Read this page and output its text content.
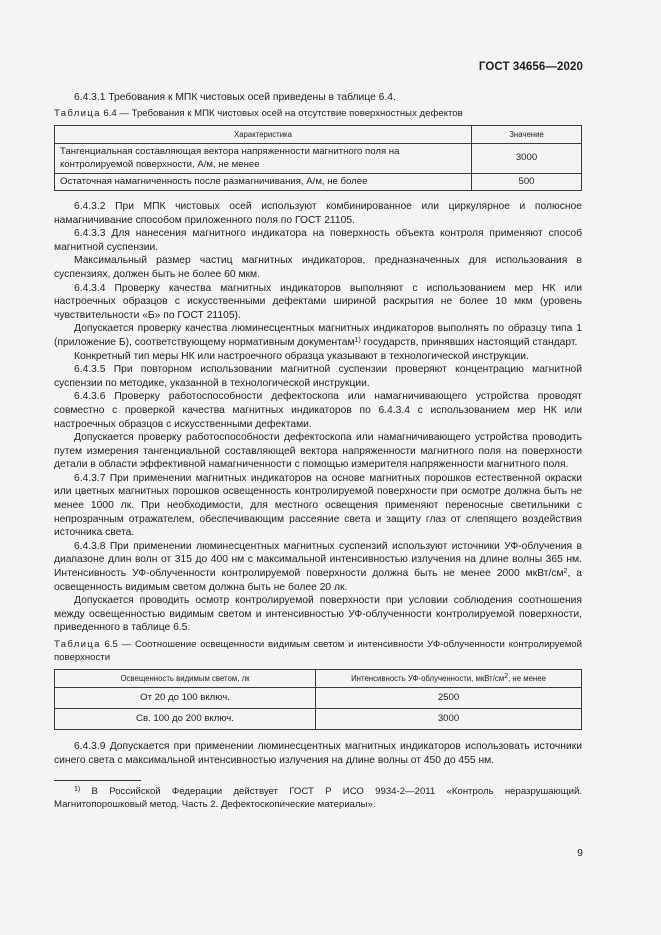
ГОСТ 34656—2020

6.4.3.1 Требования к МПК чистовых осей приведены в таблице 6.4.

Таблица 6.4 — Требования к МПК чистовых осей на отсутствие поверхностных дефектов

Характеристика	Значение
Тангенциальная составляющая вектора напряженности магнитного поля на контролируемой поверхности, А/м, не менее	3000
Остаточная намагниченность после размагничивания, А/м, не более	500

6.4.3.2 При МПК чистовых осей используют комбинированное или циркулярное и полюсное намагничивание способом приложенного поля по ГОСТ 21105.

6.4.3.3 Для нанесения магнитного индикатора на поверхность объекта контроля применяют способ магнитной суспензии.

Максимальный размер частиц магнитных индикаторов, предназначенных для использования в суспензиях, должен быть не более 60 мкм.

6.4.3.4 Проверку качества магнитных индикаторов выполняют с использованием мер НК или настроечных образцов с искусственными дефектами шириной раскрытия не более 10 мкм (уровень чувствительности «Б» по ГОСТ 21105).

Допускается проверку качества люминесцентных магнитных индикаторов выполнять по образцу типа 1 (приложение Б), соответствующему нормативным документам$^{1)}$ государств, принявших настоящий стандарт.

Конкретный тип меры НК или настроечного образца указывают в технологической инструкции.

6.4.3.5 При повторном использовании магнитной суспензии проверяют концентрацию магнитной суспензии по методике, указанной в технологической инструкции.

6.4.3.6 Проверку работоспособности дефектоскопа или намагничивающего устройства проводят совместно с проверкой качества магнитных индикаторов по 6.4.3.4 с использованием мер НК или настроечных образцов с искусственными дефектами.

Допускается проверку работоспособности дефектоскопа или намагничивающего устройства проводить путем измерения тангенциальной составляющей вектора напряженности магнитного поля на поверхности детали в области эффективной намагниченности с помощью измерителя напряженности магнитного поля.

6.4.3.7 При применении магнитных индикаторов на основе магнитных порошков естественной окраски или цветных магнитных порошков освещенность контролируемой поверхности при осмотре должна быть не менее 1000 лк. При необходимости, для местного освещения применяют переносные светильники с непрозрачным отражателем, обеспечивающим рассеяние света и защиту глаз от слепящего воздействия источника света.

6.4.3.8 При применении люминесцентных магнитных суспензий используют источники УФ-облучения в диапазоне длин волн от 315 до 400 нм с максимальной интенсивностью излучения на длине волны 365 нм. Интенсивность УФ-облученности контролируемой поверхности должна быть не менее 2000 мкВт/$см^2$, а освещенность видимым светом должна быть не более 20 лк.

Допускается проводить осмотр контролируемой поверхности при условии соблюдения соотношения между освещенностью видимым светом и интенсивностью УФ-облученности контролируемой поверхности, приведенного в таблице 6.5.

Таблица 6.5 — Соотношение освещенности видимым светом и интенсивности УФ-облученности контролируемой поверхности

Освещенность видимым светом, лк	Интенсивность УФ-облученности, мкВт/$см^2$, не менее
От 20 до 100 включ.	2500
Св. 100 до 200 включ.	3000

6.4.3.9 Допускается при применении люминесцентных магнитных индикаторов использовать источники синего света с максимальной интенсивностью излучения на длине волны от 450 до 455 нм.

$^{1)}$ В Российской Федерации действует ГОСТ Р ИСО 9934-2—2011 «Контроль неразрушающий. Магнитопорошковый метод. Часть 2. Дефектоскопические материалы».

9
